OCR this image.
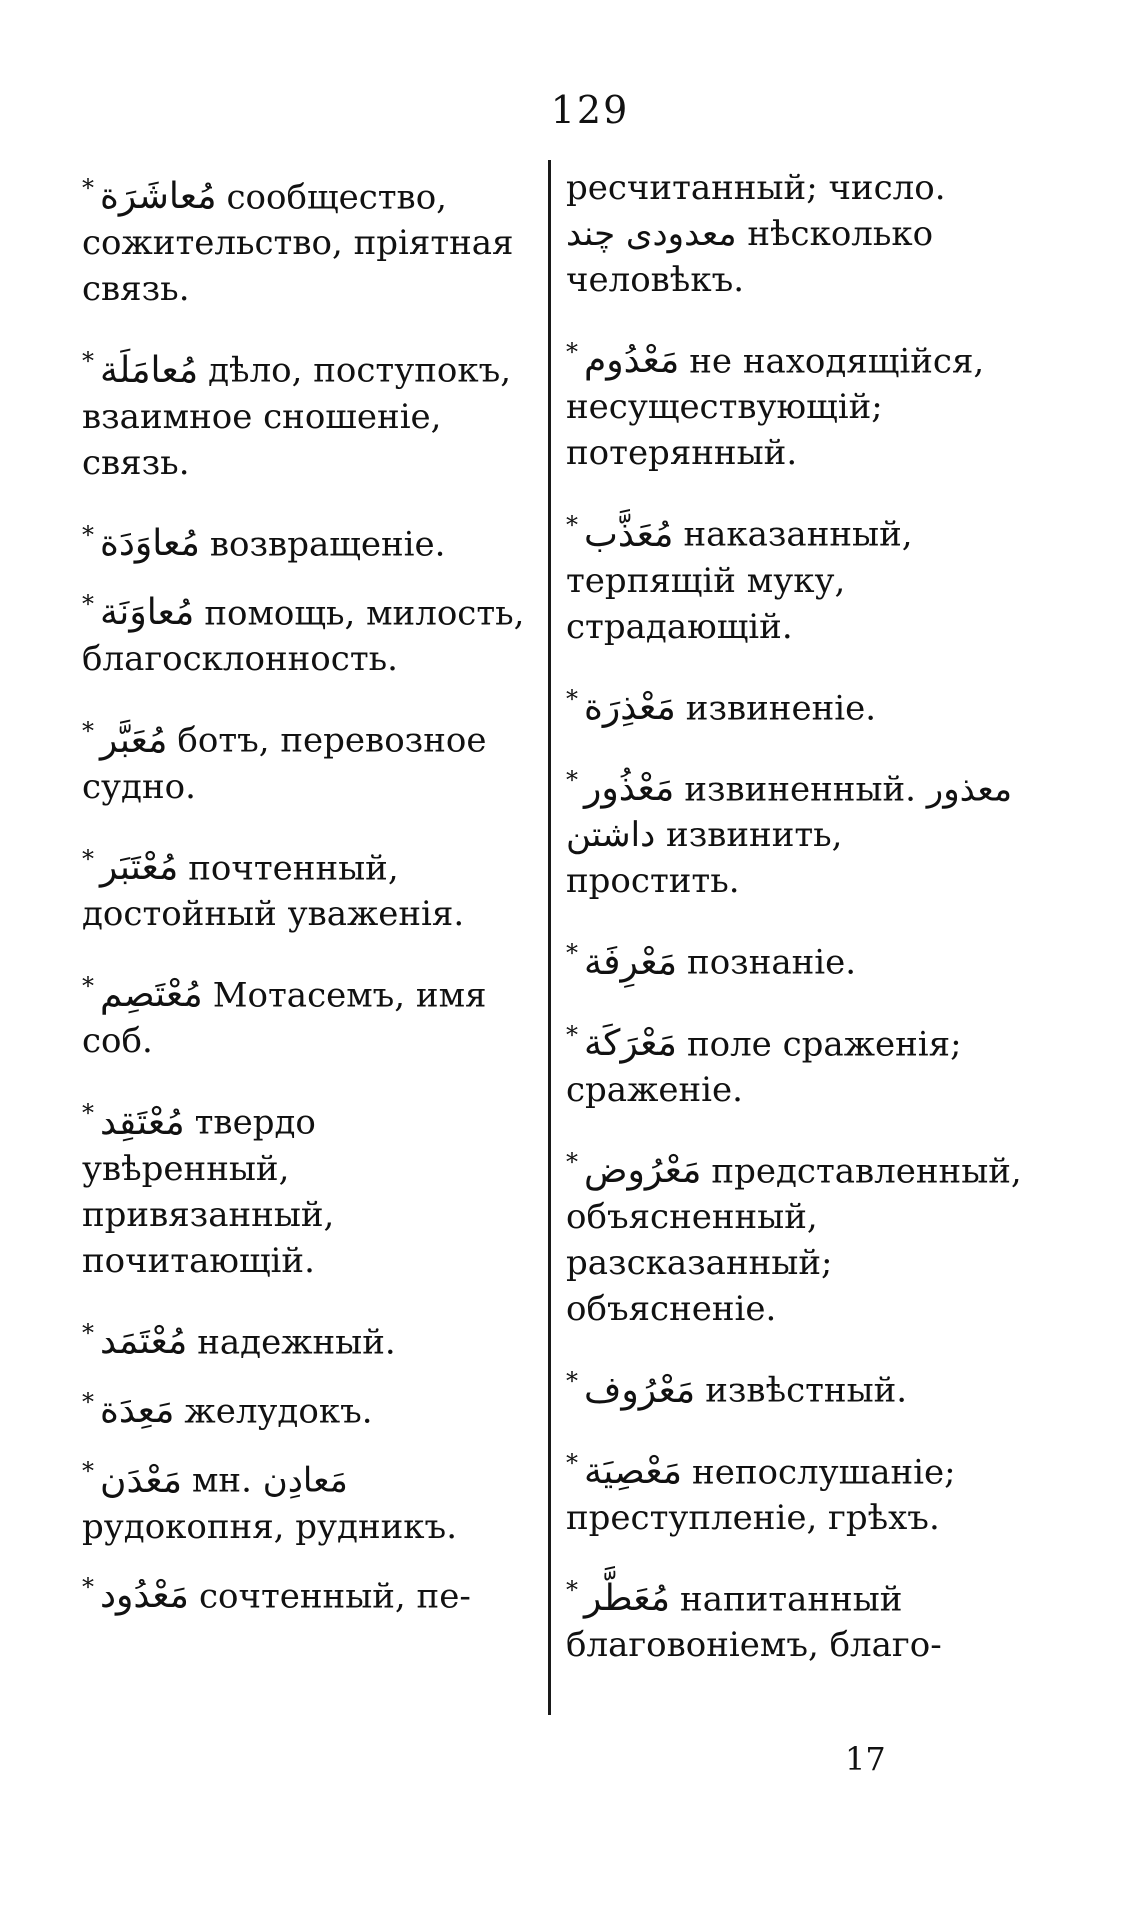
129
* مُعاشَرَة сообщество, сожительство, пріятная связь.
* مُعامَلَة дѣло, поступокъ, взаимное сношеніе, связь.
* مُعاوَدَة возвращеніе.
* مُعاوَنَة помощь, милость, благосклонность.
* مُعَبَّر ботъ, перевозное судно.
* مُعْتَبَر почтенный, достойный уваженія.
* مُعْتَصِم Мотасемъ, имя соб.
* مُعْتَقِد твердо увѣренный, привязанный, почитающій.
* مُعْتَمَد надежный.
* مَعِدَة желудокъ.
* مَعْدَن мн. مَعادِن рудокопня, рудникъ.
* مَعْدُود сочтенный, пе-
ресчитанный; число. معدودی چند нѣсколько человѣкъ.
* مَعْدُوم не находящійся, несуществующій; потерянный.
* مُعَذَّب наказанный, терпящій муку, страдающій.
* مَعْذِرَة извиненіе.
* مَعْذُور извиненный. معذور داشتن извинить, простить.
* مَعْرِفَة познаніе.
* مَعْرَكَة поле сраженія; сраженіе.
* مَعْرُوض представленный, объясненный, разсказанный; объясненіе.
* مَعْرُوف извѣстный.
* مَعْصِيَة непослушаніе; преступленіе, грѣхъ.
* مُعَطَّر напитанный благовоніемъ, благо-
17
